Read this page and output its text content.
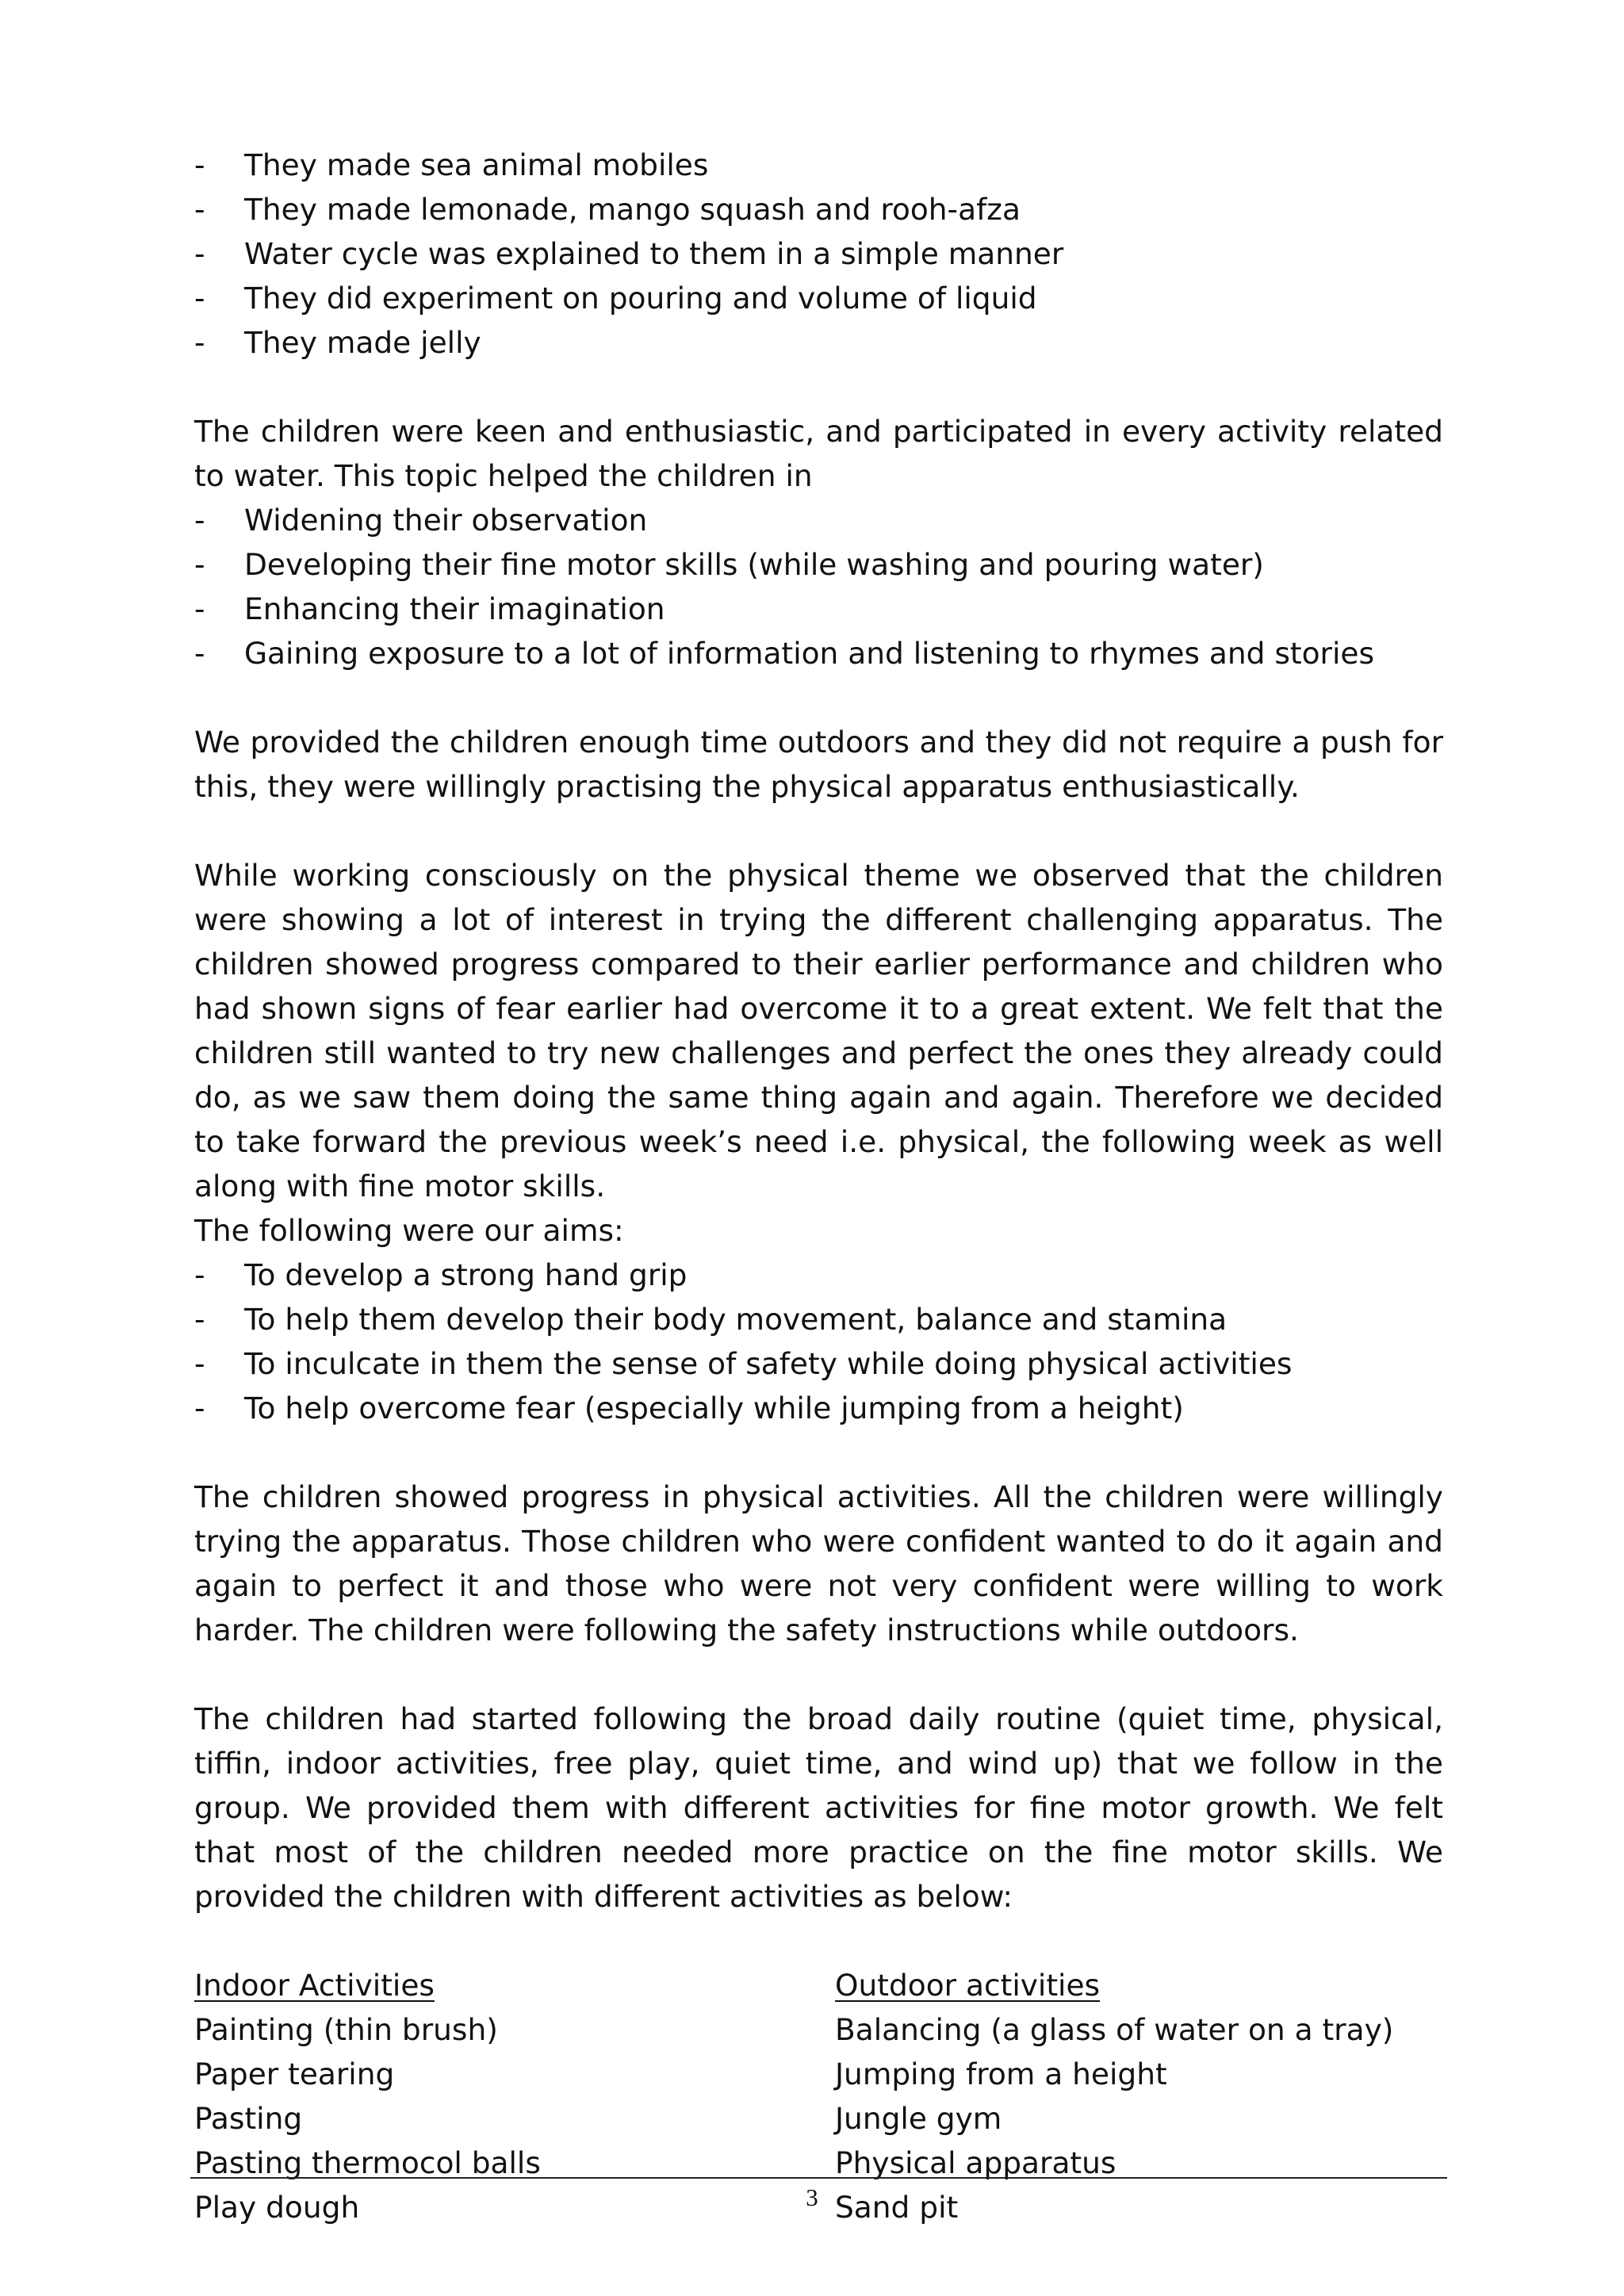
- They made sea animal mobiles
- They made lemonade, mango squash and rooh-afza
- Water cycle was explained to them in a simple manner
- They did experiment on pouring and volume of liquid
- They made jelly

The children were keen and enthusiastic, and participated in every activity related to water. This topic helped the children in

- Widening their observation
- Developing their fine motor skills (while washing and pouring water)
- Enhancing their imagination
- Gaining exposure to a lot of information and listening to rhymes and stories

We provided the children enough time outdoors and they did not require a push for this, they were willingly practising the physical apparatus enthusiastically.

While working consciously on the physical theme we observed that the children were showing a lot of interest in trying the different challenging apparatus. The children showed progress compared to their earlier performance and children who had shown signs of fear earlier had overcome it to a great extent. We felt that the children still wanted to try new challenges and perfect the ones they already could do, as we saw them doing the same thing again and again. Therefore we decided to take forward the previous week’s need i.e. physical, the following week as well along with fine motor skills.

The following were our aims:
- To develop a strong hand grip
- To help them develop their body movement, balance and stamina
- To inculcate in them the sense of safety while doing physical activities
- To help overcome fear (especially while jumping from a height)

The children showed progress in physical activities. All the children were willingly trying the apparatus. Those children who were confident wanted to do it again and again to perfect it and those who were not very confident were willing to work harder. The children were following the safety instructions while outdoors.

The children had started following the broad daily routine (quiet time, physical, tiffin, indoor activities, free play, quiet time, and wind up) that we follow in the group. We provided them with different activities for fine motor growth. We felt that most of the children needed more practice on the fine motor skills. We provided the children with different activities as below:

Indoor Activities
Painting (thin brush)
Paper tearing
Pasting
Pasting thermocol balls
Play dough
Outdoor activities
Balancing (a glass of water on a tray)
Jumping from a height
Jungle gym
Physical apparatus
Sand pit
3
